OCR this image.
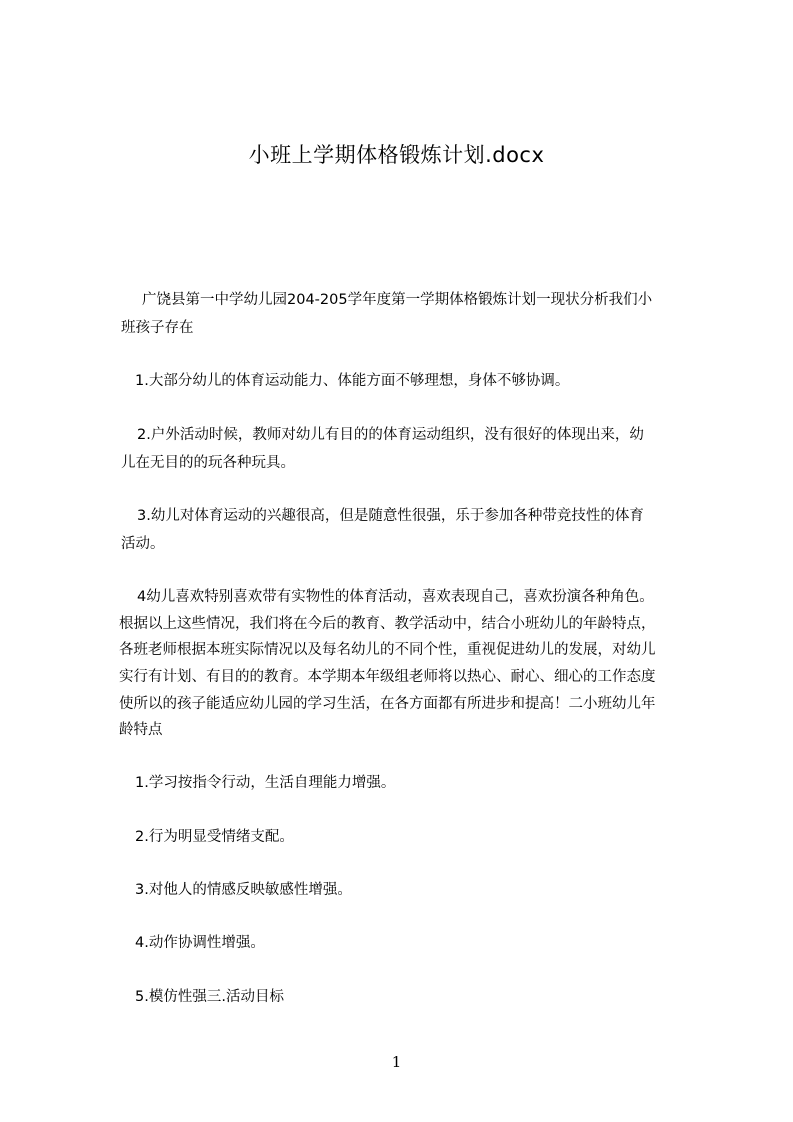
小班上学期体格锻炼计划.docx
广饶县第一中学幼儿园204-205学年度第一学期体格锻炼计划一现状分析我们小
班孩子存在
1.大部分幼儿的体育运动能力、体能方面不够理想，身体不够协调。
2.户外活动时候，教师对幼儿有目的的体育运动组织，没有很好的体现出来，幼
儿在无目的的玩各种玩具。
3.幼儿对体育运动的兴趣很高，但是随意性很强，乐于参加各种带竞技性的体育
活动。
4幼儿喜欢特别喜欢带有实物性的体育活动，喜欢表现自己，喜欢扮演各种角色。
根据以上这些情况，我们将在今后的教育、教学活动中，结合小班幼儿的年龄特点，
各班老师根据本班实际情况以及每名幼儿的不同个性，重视促进幼儿的发展，对幼儿
实行有计划、有目的的教育。本学期本年级组老师将以热心、耐心、细心的工作态度
使所以的孩子能适应幼儿园的学习生活，在各方面都有所进步和提高！二小班幼儿年
龄特点
1.学习按指令行动，生活自理能力增强。
2.行为明显受情绪支配。
3.对他人的情感反映敏感性增强。
4.动作协调性增强。
5.模仿性强三.活动目标
1
